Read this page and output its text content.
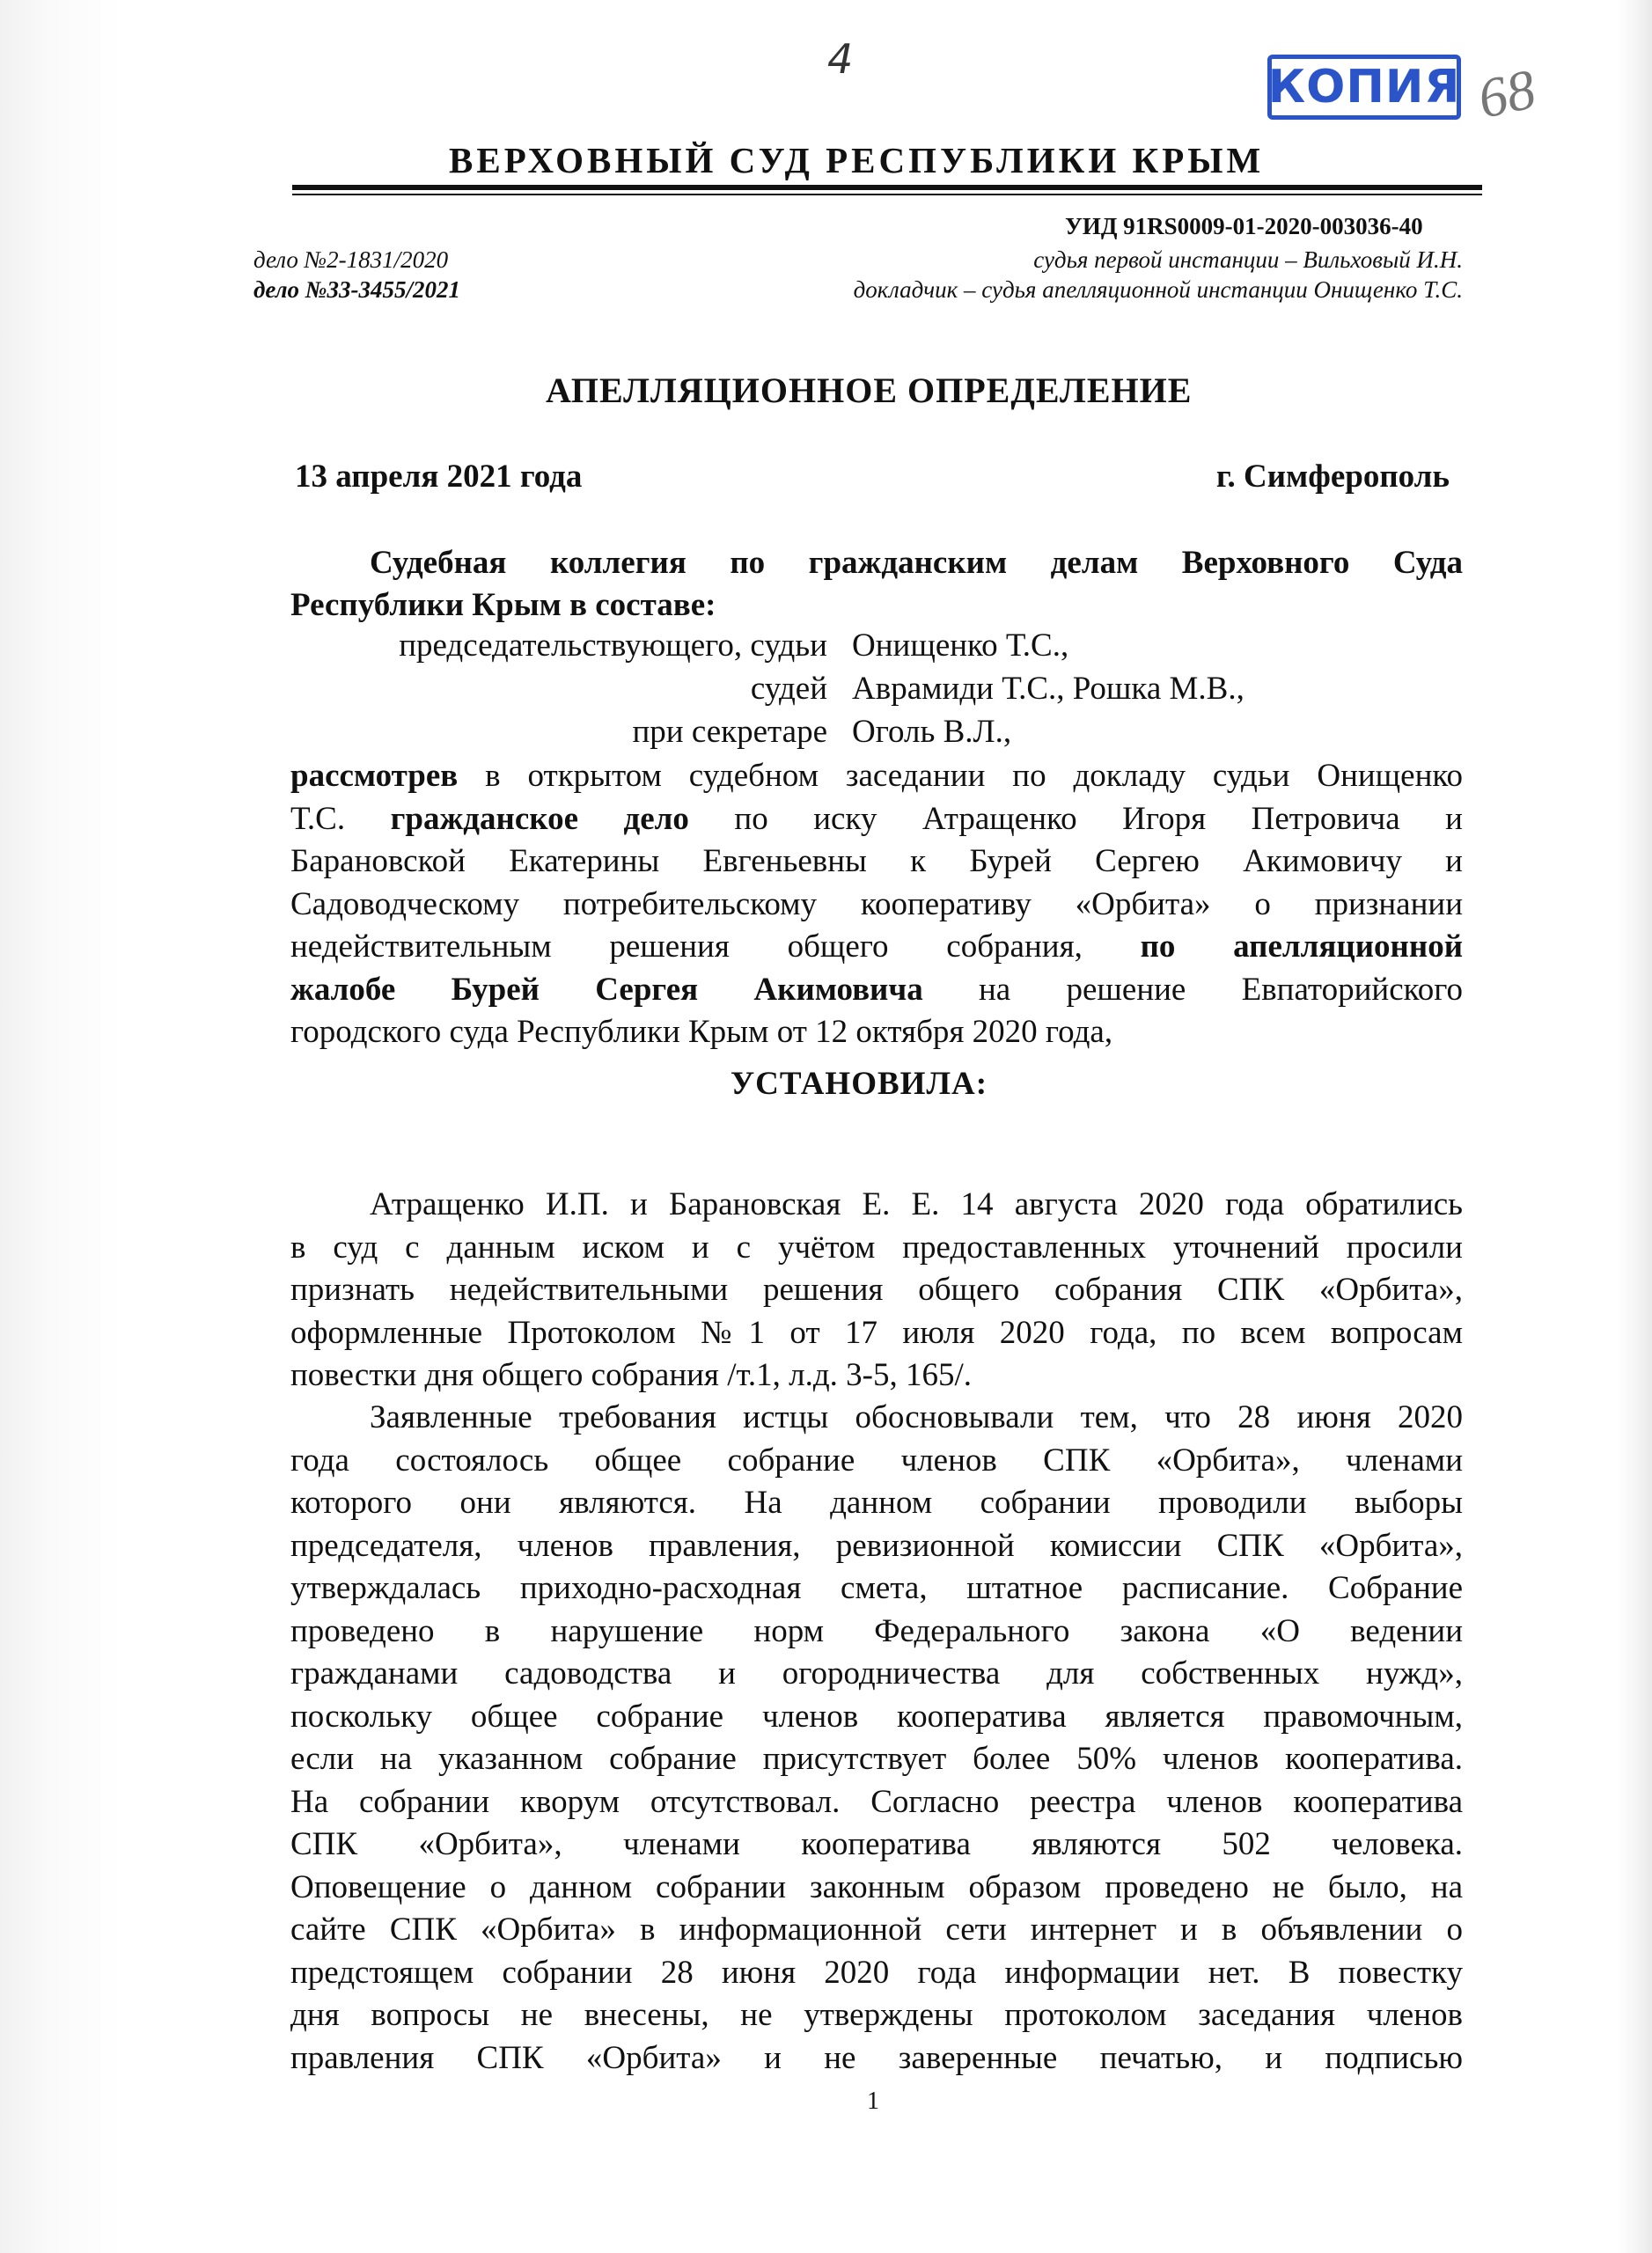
4
КОПИЯ 68
ВЕРХОВНЫЙ СУД РЕСПУБЛИКИ КРЫМ
УИД 91RS0009-01-2020-003036-40
дело №2-1831/2020
дело №33-3455/2021
судья первой инстанции – Вильховый И.Н.
докладчик – судья апелляционной инстанции Онищенко Т.С.
АПЕЛЛЯЦИОННОЕ ОПРЕДЕЛЕНИЕ
13 апреля 2021 года	г. Симферополь
Судебная коллегия по гражданским делам Верховного Суда
Республики Крым в составе:
председательствующего, судьи Онищенко Т.С.,
судей Аврамиди Т.С., Рошка М.В.,
при секретаре Оголь В.Л.,
рассмотрев в открытом судебном заседании по докладу судьи Онищенко
Т.С. гражданское дело по иску Атращенко Игоря Петровича и
Барановской Екатерины Евгеньевны к Бурей Сергею Акимовичу и
Садоводческому потребительскому кооперативу «Орбита» о признании
недействительным решения общего собрания, по апелляционной
жалобе Бурей Сергея Акимовича на решение Евпаторийского
городского суда Республики Крым от 12 октября 2020 года,
УСТАНОВИЛА:
Атращенко И.П. и Барановская Е. Е. 14 августа 2020 года обратились
в суд с данным иском и с учётом предоставленных уточнений просили
признать недействительными решения общего собрания СПК «Орбита»,
оформленные Протоколом №1 от 17 июля 2020 года, по всем вопросам
повестки дня общего собрания /т.1, л.д. 3-5, 165/.
Заявленные требования истцы обосновывали тем, что 28 июня 2020
года состоялось общее собрание членов СПК «Орбита», членами
которого они являются. На данном собрании проводили выборы
председателя, членов правления, ревизионной комиссии СПК «Орбита»,
утверждалась приходно-расходная смета, штатное расписание. Собрание
проведено в нарушение норм Федерального закона «О ведении
гражданами садоводства и огородничества для собственных нужд»,
поскольку общее собрание членов кооператива является правомочным,
если на указанном собрание присутствует более 50% членов кооператива.
На собрании кворум отсутствовал. Согласно реестра членов кооператива
СПК «Орбита», членами кооператива являются 502 человека.
Оповещение о данном собрании законным образом проведено не было, на
сайте СПК «Орбита» в информационной сети интернет и в объявлении о
предстоящем собрании 28 июня 2020 года информации нет. В повестку
дня вопросы не внесены, не утверждены протоколом заседания членов
правления СПК «Орбита» и не заверенные печатью, и подписью
1
